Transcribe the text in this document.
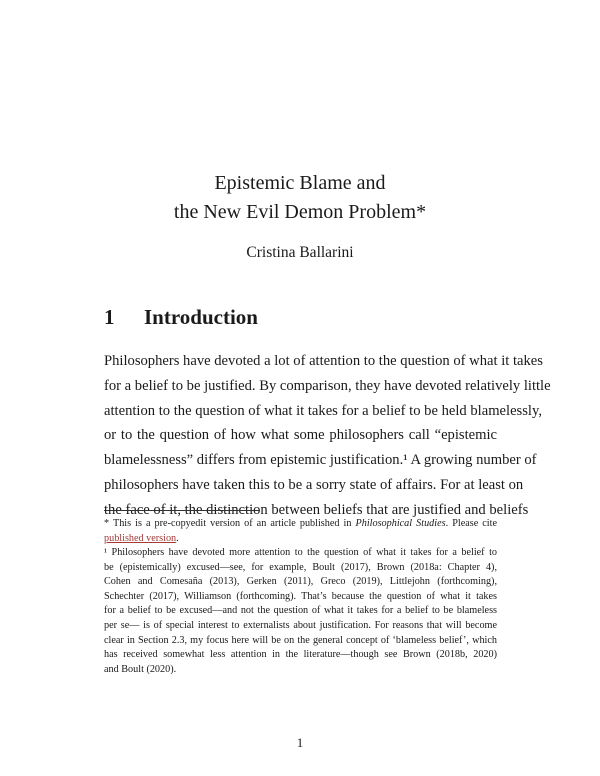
Epistemic Blame and
the New Evil Demon Problem*
Cristina Ballarini
1 Introduction
Philosophers have devoted a lot of attention to the question of what it takes
for a belief to be justified. By comparison, they have devoted relatively little
attention to the question of what it takes for a belief to be held blamelessly,
or to the question of how what some philosophers call “epistemic
blamelessness” differs from epistemic justification.¹ A growing number of
philosophers have taken this to be a sorry state of affairs. For at least on
the face of it, the distinction between beliefs that are justified and beliefs
* This is a pre-copyedit version of an article published in Philosophical Studies. Please cite
published version.
¹ Philosophers have devoted more attention to the question of what it takes for a belief to
be (epistemically) excused—see, for example, Boult (2017), Brown (2018a: Chapter 4),
Cohen and Comesaña (2013), Gerken (2011), Greco (2019), Littlejohn (forthcoming),
Schechter (2017), Williamson (forthcoming). That’s because the question of what it takes
for a belief to be excused—and not the question of what it takes for a belief to be blameless
per se— is of special interest to externalists about justification. For reasons that will become
clear in Section 2.3, my focus here will be on the general concept of ‘blameless belief’, which
has received somewhat less attention in the literature—though see Brown (2018b, 2020)
and Boult (2020).
1
